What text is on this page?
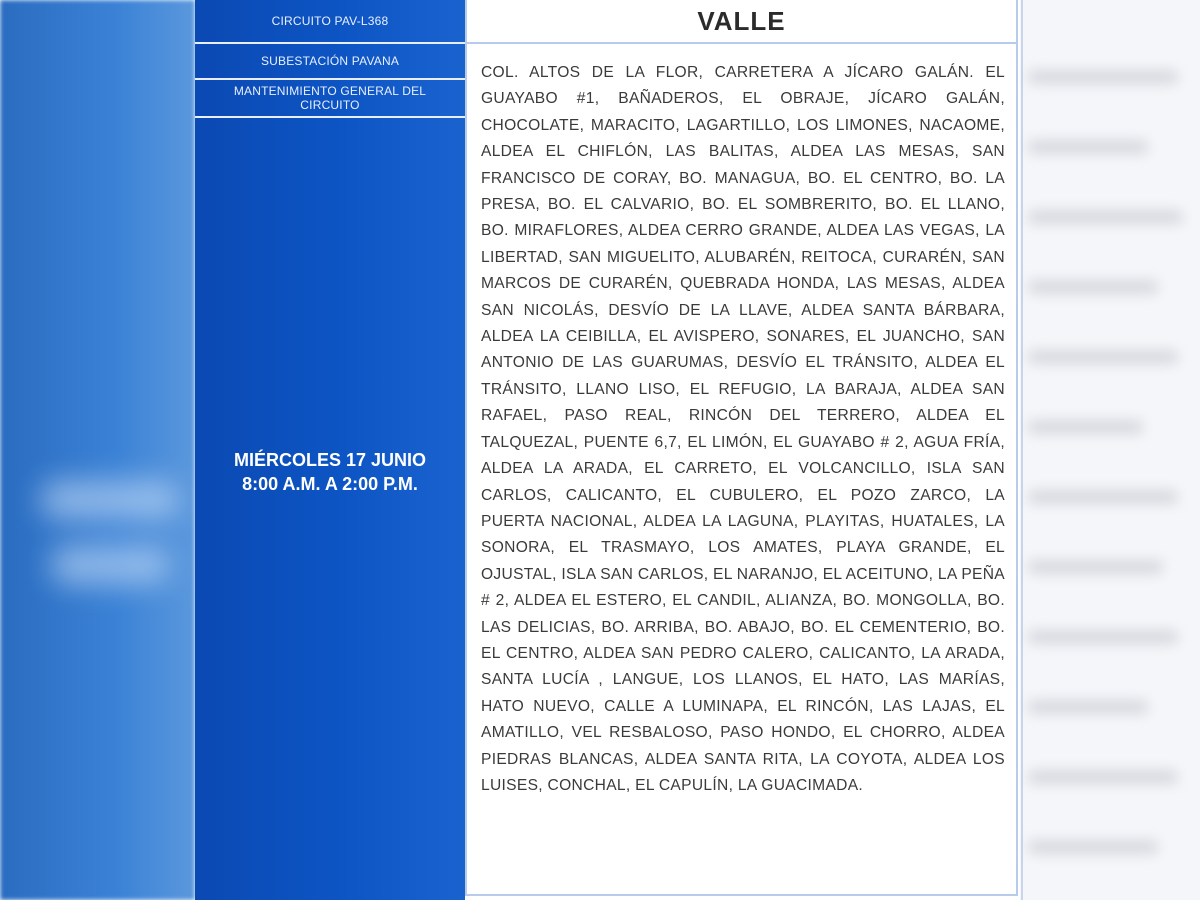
CIRCUITO PAV-L368
SUBESTACIÓN PAVANA
MANTENIMIENTO GENERAL DEL CIRCUITO
MIÉRCOLES 17 JUNIO
8:00 A.M. A 2:00 P.M.
VALLE
COL. ALTOS DE LA FLOR, CARRETERA A JÍCARO GALÁN. EL GUAYABO #1, BAÑADEROS, EL OBRAJE, JÍCARO GALÁN, CHOCOLATE, MARACITO, LAGARTILLO, LOS LIMONES, NACAOME, ALDEA EL CHIFLÓN, LAS BALITAS, ALDEA LAS MESAS, SAN FRANCISCO DE CORAY, BO. MANAGUA, BO. EL CENTRO, BO. LA PRESA, BO. EL CALVARIO, BO. EL SOMBRERITO, BO. EL LLANO, BO. MIRAFLORES, ALDEA CERRO GRANDE, ALDEA LAS VEGAS, LA LIBERTAD, SAN MIGUELITO, ALUBARÉN, REITOCA, CURARÉN, SAN MARCOS DE CURARÉN, QUEBRADA HONDA, LAS MESAS, ALDEA SAN NICOLÁS, DESVÍO DE LA LLAVE, ALDEA SANTA BÁRBARA, ALDEA LA CEIBILLA, EL AVISPERO, SONARES, EL JUANCHO, SAN ANTONIO DE LAS GUARUMAS, DESVÍO EL TRÁNSITO, ALDEA EL TRÁNSITO, LLANO LISO, EL REFUGIO, LA BARAJA, ALDEA SAN RAFAEL, PASO REAL, RINCÓN DEL TERRERO, ALDEA EL TALQUEZAL, PUENTE 6,7, EL LIMÓN, EL GUAYABO # 2, AGUA FRÍA, ALDEA LA ARADA, EL CARRETO, EL VOLCANCILLO, ISLA SAN CARLOS, CALICANTO, EL CUBULERO, EL POZO ZARCO, LA PUERTA NACIONAL, ALDEA LA LAGUNA, PLAYITAS, HUATALES, LA SONORA, EL TRASMAYO, LOS AMATES, PLAYA GRANDE, EL OJUSTAL, ISLA SAN CARLOS, EL NARANJO, EL ACEITUNO, LA PEÑA # 2, ALDEA EL ESTERO, EL CANDIL, ALIANZA, BO. MONGOLLA, BO. LAS DELICIAS, BO. ARRIBA, BO. ABAJO, BO. EL CEMENTERIO, BO. EL CENTRO, ALDEA SAN PEDRO CALERO, CALICANTO, LA ARADA, SANTA LUCÍA , LANGUE, LOS LLANOS, EL HATO, LAS MARÍAS, HATO NUEVO, CALLE A LUMINAPA, EL RINCÓN, LAS LAJAS, EL AMATILLO, VEL RESBALOSO, PASO HONDO, EL CHORRO, ALDEA PIEDRAS BLANCAS, ALDEA SANTA RITA, LA COYOTA, ALDEA LOS LUISES, CONCHAL, EL CAPULÍN, LA GUACIMADA.
